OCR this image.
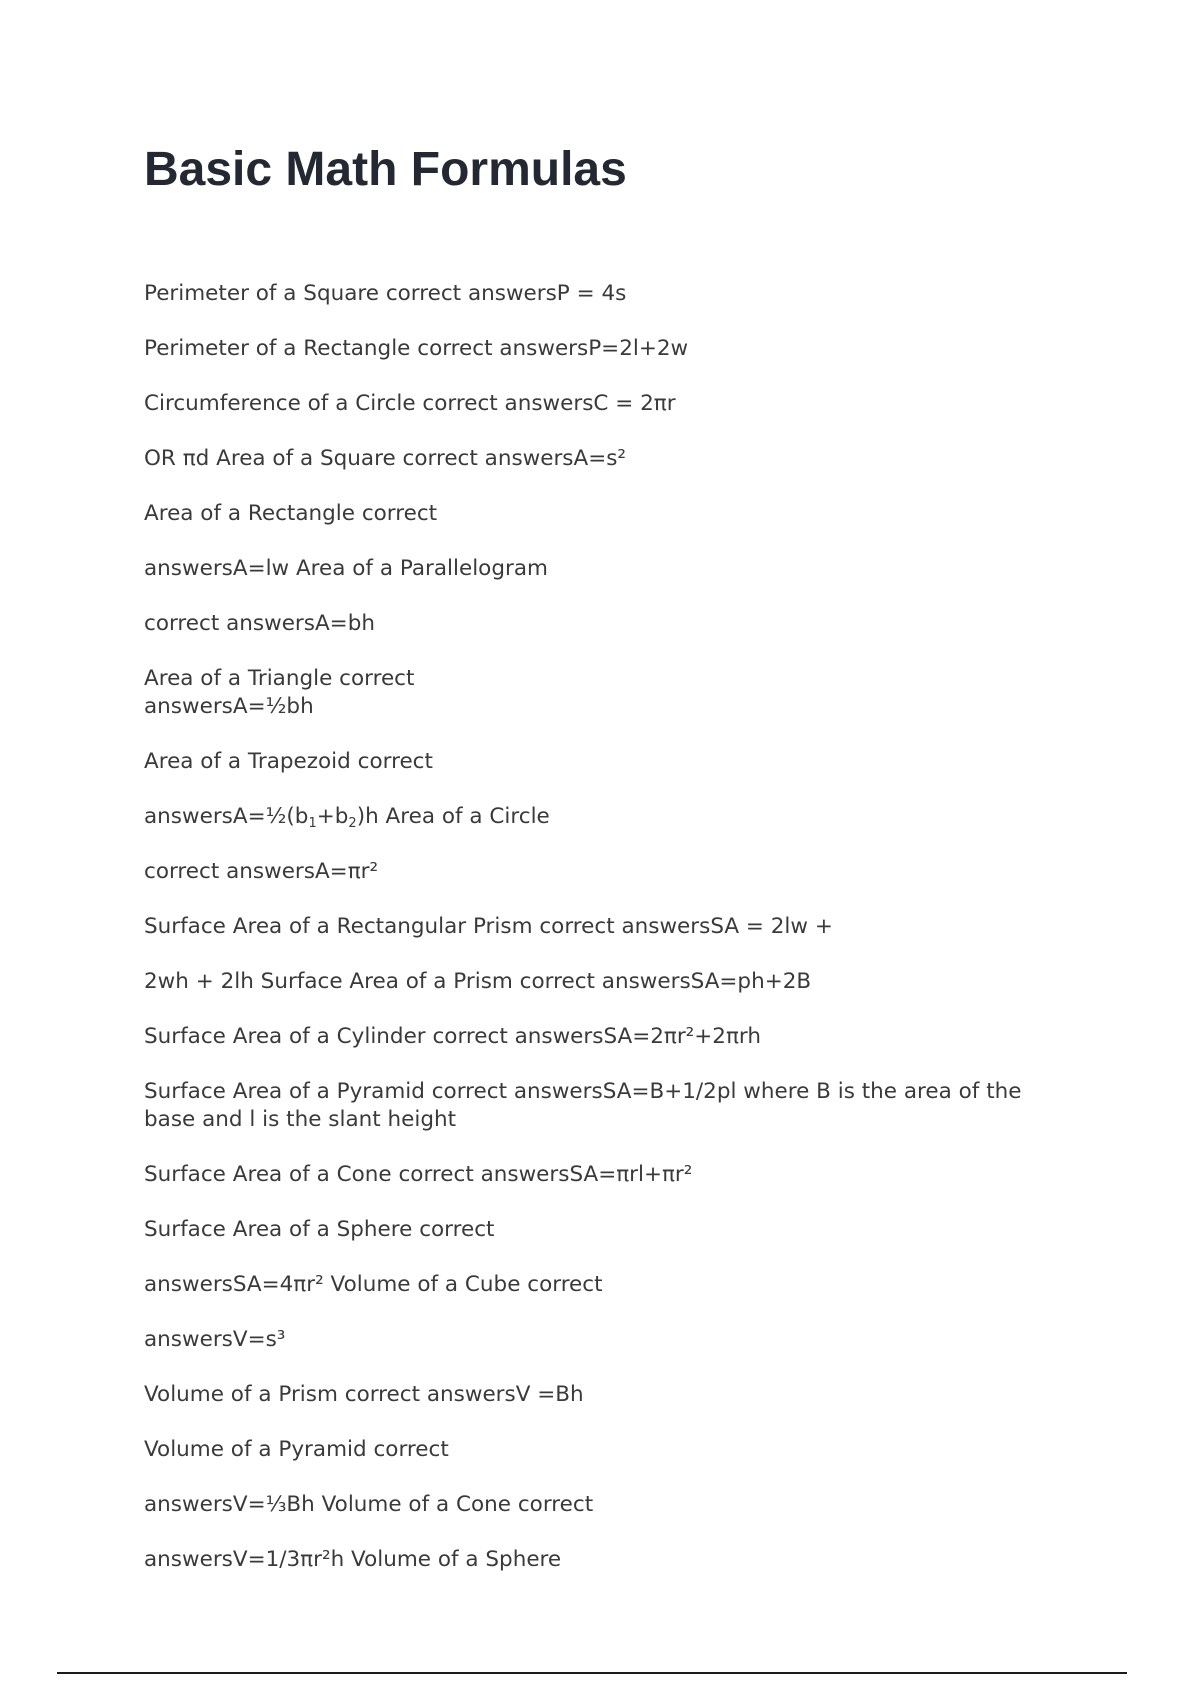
Basic Math Formulas

Perimeter of a Square correct answersP = 4s

Perimeter of a Rectangle correct answersP=2l+2w

Circumference of a Circle correct answersC = 2πr

OR πd Area of a Square correct answersA=s²

Area of a Rectangle correct

answersA=lw Area of a Parallelogram

correct answersA=bh

Area of a Triangle correct answersA=½bh

Area of a Trapezoid correct

$answersA=\frac{1}{2}(b_1+b_2)h$ Area of a Circle

correct answersA=πr²

Surface Area of a Rectangular Prism correct answersSA = 2lw +

2wh + 2lh Surface Area of a Prism correct answersSA=ph+2B

Surface Area of a Cylinder correct answersSA=2πr²+2πrh

Surface Area of a Pyramid correct answersSA=B+1/2pl where B is the area of the base and l is the slant height

Surface Area of a Cone correct answersSA=πrl+πr²

Surface Area of a Sphere correct

answersSA=4πr² Volume of a Cube correct

answersV=s³

Volume of a Prism correct answersV =Bh

Volume of a Pyramid correct

answersV=⅓Bh Volume of a Cone correct

answersV=1/3πr²h Volume of a Sphere
